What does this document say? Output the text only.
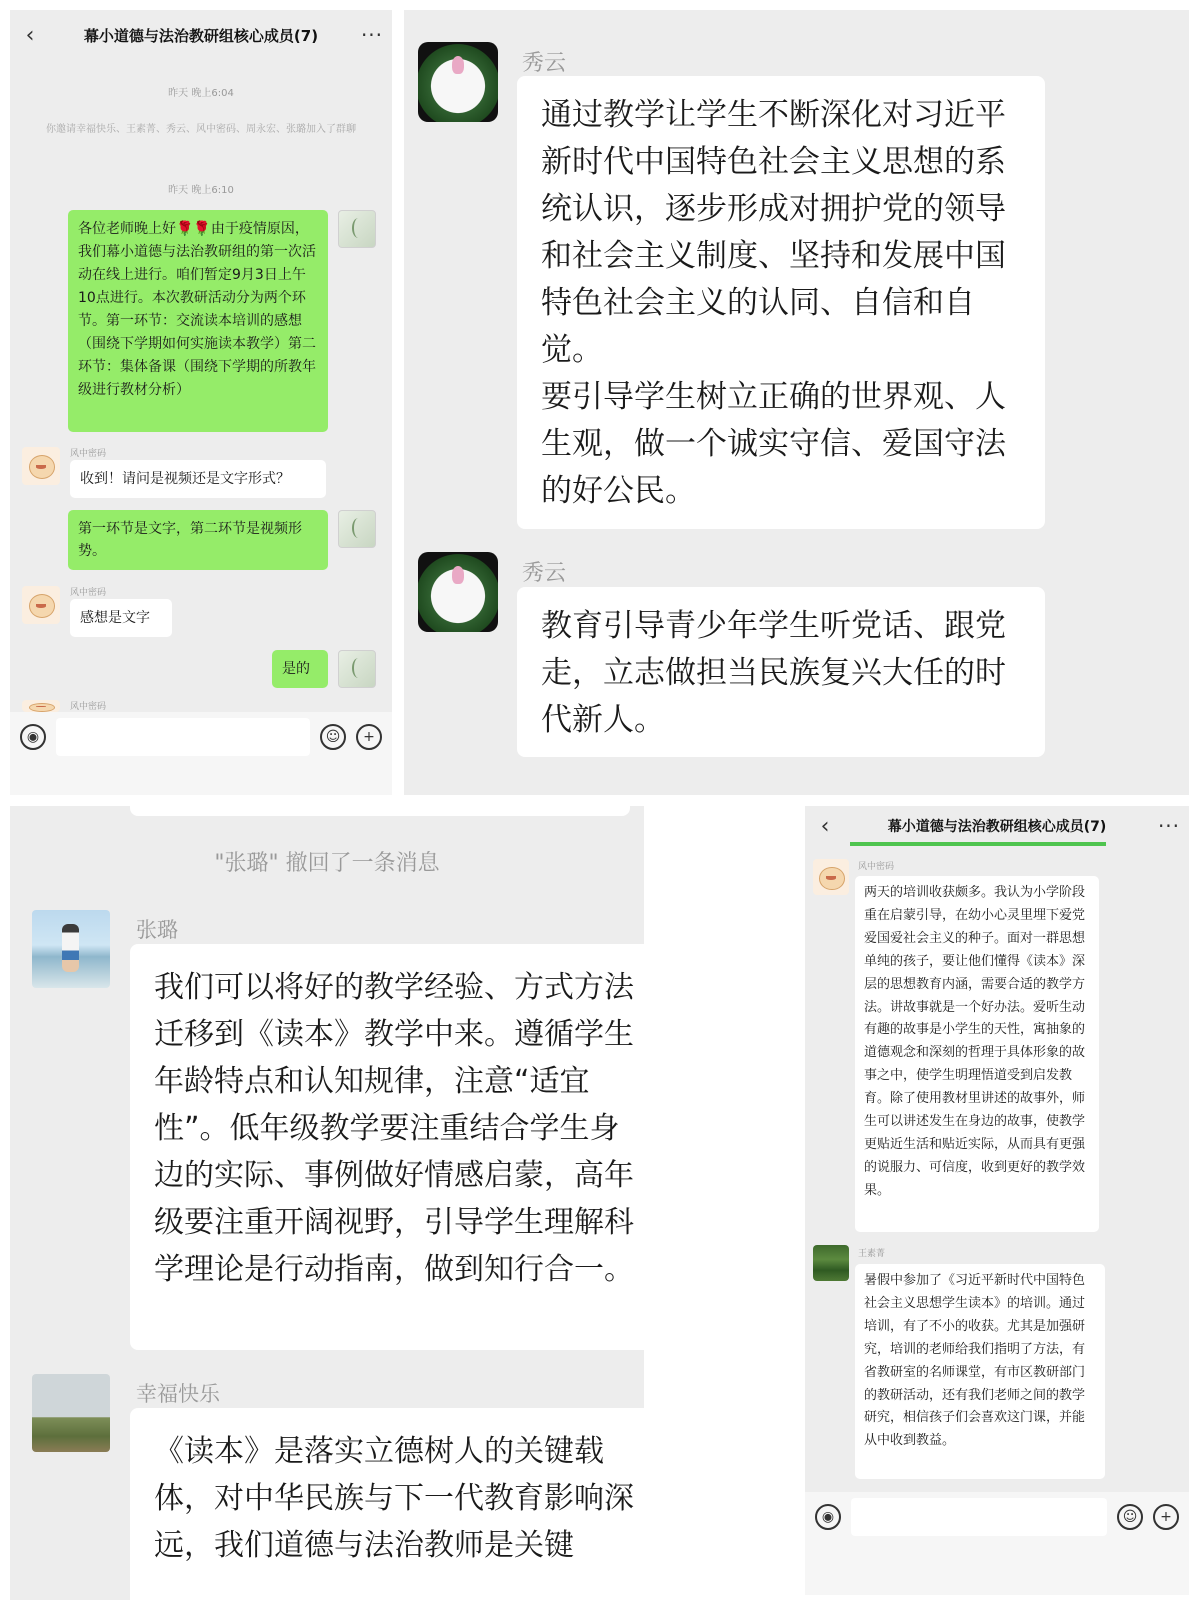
‹	幕小道德与法治教研组核心成员(7)	···
昨天 晚上6:04
你邀请幸福快乐、王素菁、秀云、风中密码、周永宏、张璐加入了群聊
昨天 晚上6:10
各位老师晚上好🌹🌹由于疫情原因，我们幕小道德与法治教研组的第一次活动在线上进行。咱们暂定9月3日上午10点进行。本次教研活动分为两个环节。第一环节：交流读本培训的感想（围绕下学期如何实施读本教学）第二环节：集体备课（围绕下学期的所教年级进行教材分析）
风中密码
收到！请问是视频还是文字形式？
第一环节是文字，第二环节是视频形势。
风中密码
感想是文字
是的
风中密码
◉	☺	+
秀云
通过教学让学生不断深化对习近平新时代中国特色社会主义思想的系统认识，逐步形成对拥护党的领导和社会主义制度、坚持和发展中国特色社会主义的认同、自信和自觉。
要引导学生树立正确的世界观、人生观，做一个诚实守信、爱国守法的好公民。
秀云
教育引导青少年学生听党话、跟党走，立志做担当民族复兴大任的时代新人。
"张璐" 撤回了一条消息
张璐
我们可以将好的教学经验、方式方法迁移到《读本》教学中来。遵循学生年龄特点和认知规律，注意“适宜性”。低年级教学要注重结合学生身边的实际、事例做好情感启蒙，高年级要注重开阔视野，引导学生理解科学理论是行动指南，做到知行合一。
幸福快乐
《读本》是落实立德树人的关键载体，对中华民族与下一代教育影响深远，我们道德与法治教师是关键
‹	幕小道德与法治教研组核心成员(7)	···
风中密码
两天的培训收获颇多。我认为小学阶段重在启蒙引导，在幼小心灵里埋下爱党爱国爱社会主义的种子。面对一群思想单纯的孩子，要让他们懂得《读本》深层的思想教育内涵，需要合适的教学方法。讲故事就是一个好办法。爱听生动有趣的故事是小学生的天性，寓抽象的道德观念和深刻的哲理于具体形象的故事之中，使学生明理悟道受到启发教育。除了使用教材里讲述的故事外，师生可以讲述发生在身边的故事，使教学更贴近生活和贴近实际，从而具有更强的说服力、可信度，收到更好的教学效果。
王素菁
暑假中参加了《习近平新时代中国特色社会主义思想学生读本》的培训。通过培训，有了不小的收获。尤其是加强研究，培训的老师给我们指明了方法，有省教研室的名师课堂，有市区教研部门的教研活动，还有我们老师之间的教学研究，相信孩子们会喜欢这门课，并能从中收到教益。
◉	☺	+
